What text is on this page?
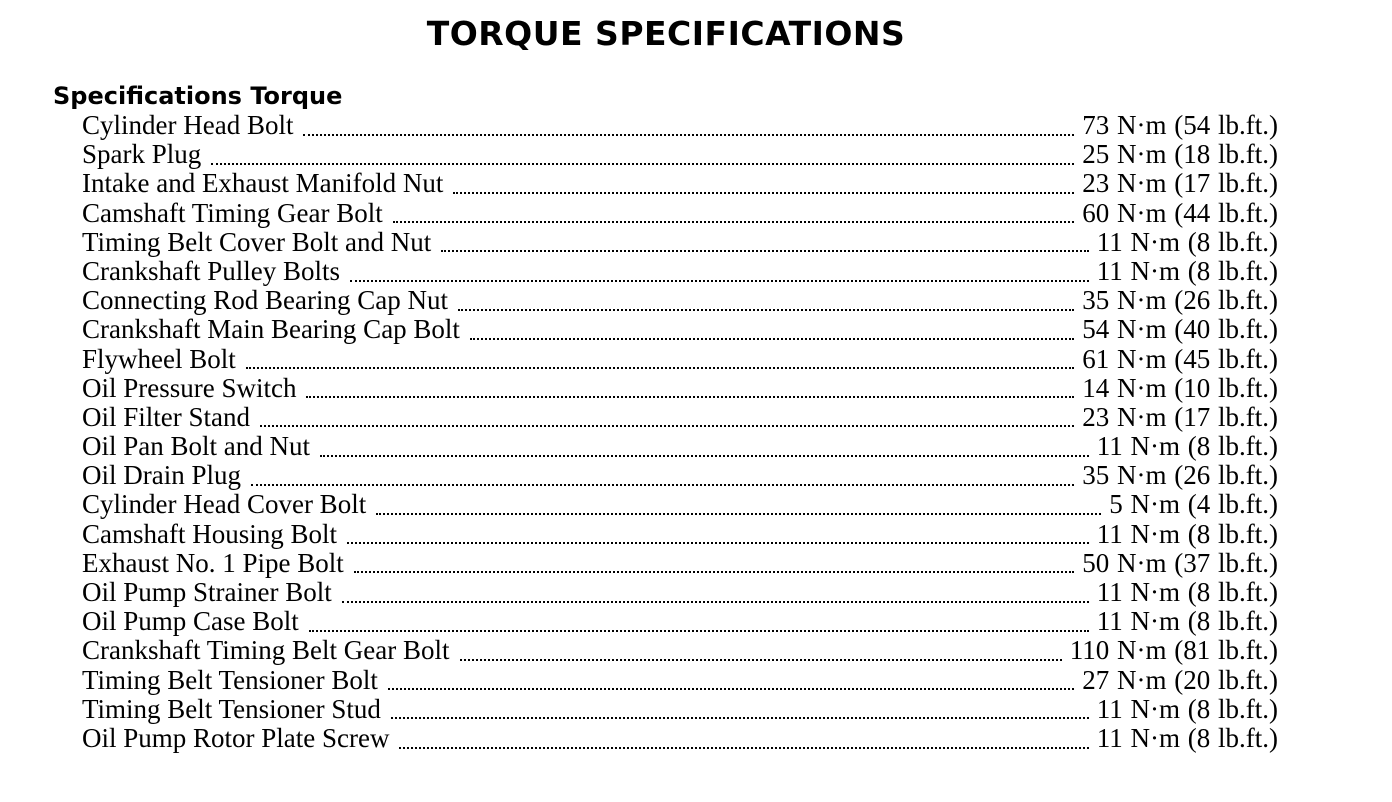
TORQUE SPECIFICATIONS
Specifications Torque
Cylinder Head Bolt	73 N·m (54 lb.ft.)
Spark Plug	25 N·m (18 lb.ft.)
Intake and Exhaust Manifold Nut	23 N·m (17 lb.ft.)
Camshaft Timing Gear Bolt	60 N·m (44 lb.ft.)
Timing Belt Cover Bolt and Nut	11 N·m (8 lb.ft.)
Crankshaft Pulley Bolts	11 N·m (8 lb.ft.)
Connecting Rod Bearing Cap Nut	35 N·m (26 lb.ft.)
Crankshaft Main Bearing Cap Bolt	54 N·m (40 lb.ft.)
Flywheel Bolt	61 N·m (45 lb.ft.)
Oil Pressure Switch	14 N·m (10 lb.ft.)
Oil Filter Stand	23 N·m (17 lb.ft.)
Oil Pan Bolt and Nut	11 N·m (8 lb.ft.)
Oil Drain Plug	35 N·m (26 lb.ft.)
Cylinder Head Cover Bolt	5 N·m (4 lb.ft.)
Camshaft Housing Bolt	11 N·m (8 lb.ft.)
Exhaust No. 1 Pipe Bolt	50 N·m (37 lb.ft.)
Oil Pump Strainer Bolt	11 N·m (8 lb.ft.)
Oil Pump Case Bolt	11 N·m (8 lb.ft.)
Crankshaft Timing Belt Gear Bolt	110 N·m (81 lb.ft.)
Timing Belt Tensioner Bolt	27 N·m (20 lb.ft.)
Timing Belt Tensioner Stud	11 N·m (8 lb.ft.)
Oil Pump Rotor Plate Screw	11 N·m (8 lb.ft.)
